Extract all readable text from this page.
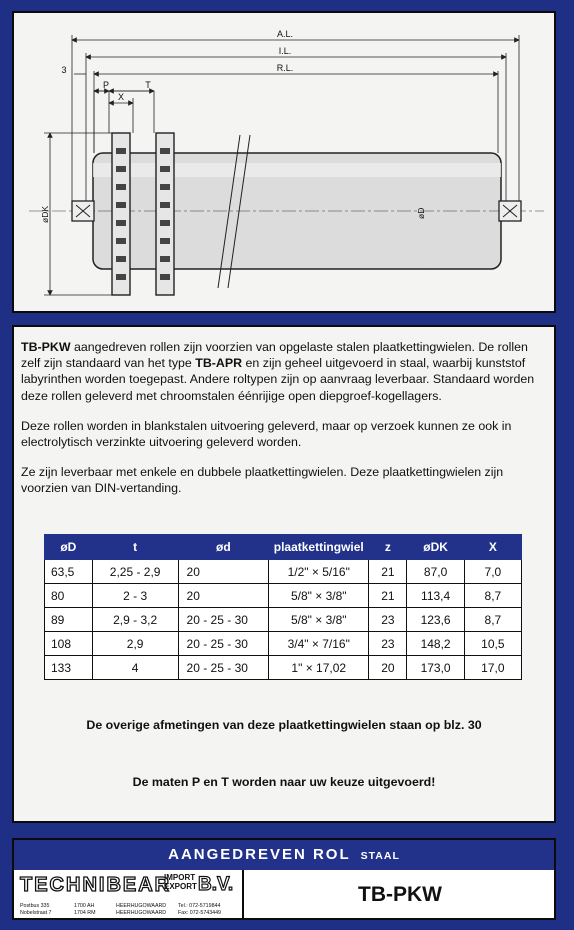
A.L.
I.L.
R.L.
3
P	T
X
øDK	øD

TB-PKW aangedreven rollen zijn voorzien van opgelaste stalen plaatkettingwielen. De rollen zelf zijn standaard van het type TB-APR en zijn geheel uitgevoerd in staal, waarbij kunststof labyrinthen worden toegepast. Andere roltypen zijn op aanvraag leverbaar. Standaard worden deze rollen geleverd met chroomstalen éénrijige open diepgroef-kogellagers.

Deze rollen worden in blankstalen uitvoering geleverd, maar op verzoek kunnen ze ook in electrolytisch verzinkte uitvoering geleverd worden.

Ze zijn leverbaar met enkele en dubbele plaatkettingwielen. Deze plaatkettingwielen zijn voorzien van DIN-vertanding.

øD	t	ød	plaatkettingwiel	z	øDK	X
63,5	2,25 - 2,9	20	1/2" × 5/16"	21	87,0	7,0
80	2 - 3	20	5/8" × 3/8"	21	113,4	8,7
89	2,9 - 3,2	20 - 25 - 30	5/8" × 3/8"	23	123,6	8,7
108	2,9	20 - 25 - 30	3/4" × 7/16"	23	148,2	10,5
133	4	20 - 25 - 30	1" × 17,02	20	173,0	17,0
De overige afmetingen van deze plaatkettingwielen staan op blz. 30
De maten P en T worden naar uw keuze uitgevoerd!
AANGEDREVEN ROL STAAL
TECHNIBEAR
IMPORT
EXPORT B.V.
Postbus 335
Nobelstraat 7
1700 AH
1704 RM
HEERHUGOWAARD
HEERHUGOWAARD
Tel.: 072-5719844
Fax: 072-5743449
TB-PKW
